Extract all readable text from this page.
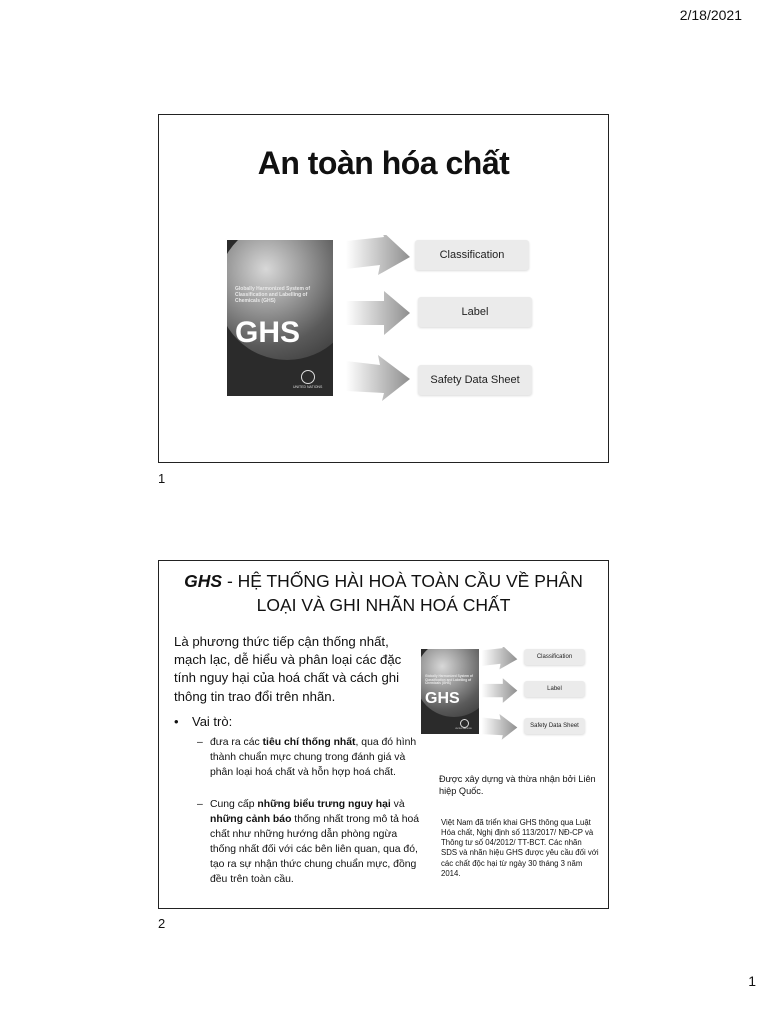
2/18/2021
An toàn hóa chất
Globally Harmonized System of Classification and Labelling of Chemicals (GHS)
GHS
UNITED NATIONS
Classification
Label
Safety Data Sheet
1
GHS - HỆ THỐNG HÀI HOÀ TOÀN CẦU VỀ PHÂN LOẠI VÀ GHI NHÃN HOÁ CHẤT
Là phương thức tiếp cận thống nhất, mạch lạc, dễ hiểu và phân loại các đặc tính nguy hại của hoá chất và cách ghi thông tin trao đổi trên nhãn.
• Vai trò:
– đưa ra các tiêu chí thống nhất, qua đó hình thành chuẩn mực chung trong đánh giá và phân loại hoá chất và hỗn hợp hoá chất.
– Cung cấp những biểu trưng nguy hại và những cảnh báo thống nhất trong mô tả hoá chất như những hướng dẫn phòng ngừa thống nhất đối với các bên liên quan, qua đó, tạo ra sự nhận thức chung chuẩn mực, đồng đều trên toàn cầu.
Globally Harmonized System of Classification and Labelling of Chemicals (GHS)
GHS
UNITED NATIONS
Classification
Label
Safety Data Sheet
Được xây dựng và thừa nhận bởi Liên hiệp Quốc.
Việt Nam đã triển khai GHS thông qua Luật Hóa chất, Nghị định số 113/2017/ NĐ-CP và Thông tư số 04/2012/ TT-BCT. Các nhãn SDS và nhãn hiệu GHS được yêu cầu đối với các chất độc hại từ ngày 30 tháng 3 năm 2014.
2
1
